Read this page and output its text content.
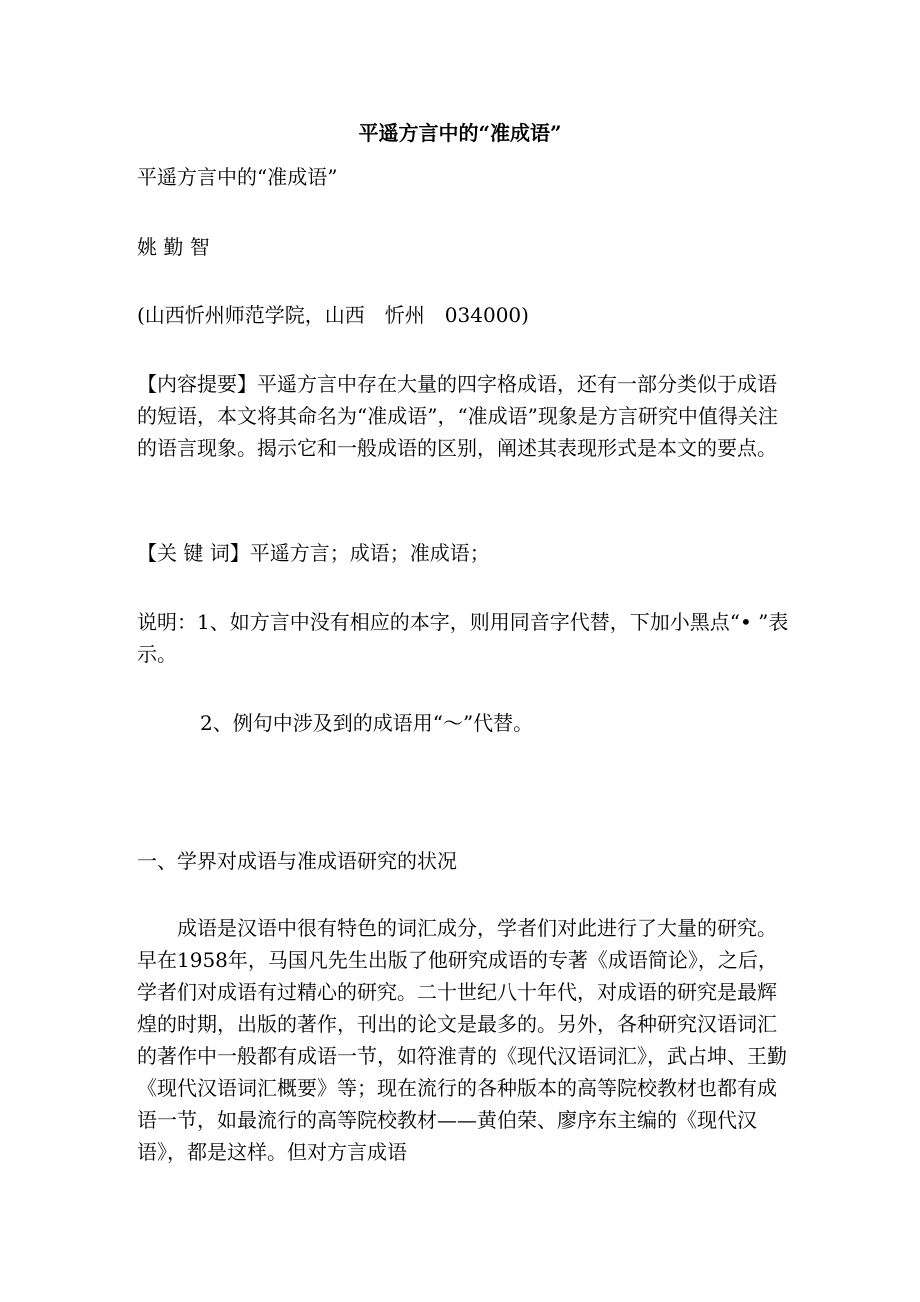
平遥方言中的“准成语”
平遥方言中的“准成语”
姚 勤 智
(山西忻州师范学院，山西　忻州　034000)
【内容提要】平遥方言中存在大量的四字格成语，还有一部分类似于成语的短语，本文将其命名为“准成语”，“准成语”现象是方言研究中值得关注的语言现象。揭示它和一般成语的区别，阐述其表现形式是本文的要点。
【关 键 词】平遥方言；成语；准成语；
说明：1、如方言中没有相应的本字，则用同音字代替，下加小黑点“• ”表示。
2、例句中涉及到的成语用“～”代替。
一、学界对成语与准成语研究的状况
成语是汉语中很有特色的词汇成分，学者们对此进行了大量的研究。早在1958年，马国凡先生出版了他研究成语的专著《成语简论》，之后，学者们对成语有过精心的研究。二十世纪八十年代，对成语的研究是最辉煌的时期，出版的著作，刊出的论文是最多的。另外，各种研究汉语词汇的著作中一般都有成语一节，如符淮青的《现代汉语词汇》，武占坤、王勤《现代汉语词汇概要》等；现在流行的各种版本的高等院校教材也都有成语一节，如最流行的高等院校教材——黄伯荣、廖序东主编的《现代汉语》，都是这样。但对方言成语
